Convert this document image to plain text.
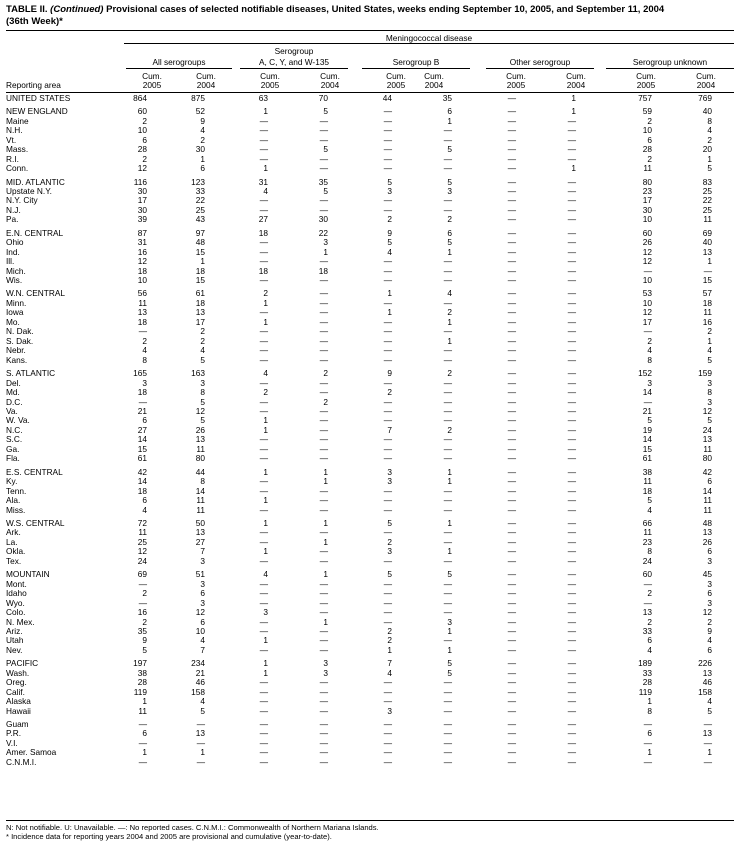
TABLE II. (Continued) Provisional cases of selected notifiable diseases, United States, weeks ending September 10, 2005, and September 11, 2004
(36th Week)*
Meningococcal disease
All serogroups
Serogroup
A, C, Y, and W-135	Serogroup B	Other serogroup	Serogroup unknown
Reporting area
Cum.
2005
Cum.
2004
Cum.
2005
Cum.
2004
Cum.
2005
Cum.
2004
Cum.
2005
Cum.
2004
Cum.
2005
Cum.
2004
UNITED STATES	864	875	63	70	44	35	—	1	757	769
NEW ENGLAND	60	52	1	5	—	6	—	1	59	40
Maine	2	9	—	—	—	1	—	—	2	8
N.H.	10	4	—	—	—	—	—	—	10	4
Vt.	6	2	—	—	—	—	—	—	6	2
Mass.	28	30	—	5	—	5	—	—	28	20
R.I.	2	1	—	—	—	—	—	—	2	1
Conn.	12	6	1	—	—	—	—	1	11	5
MID. ATLANTIC	116	123	31	35	5	5	—	—	80	83
Upstate N.Y.	30	33	4	5	3	3	—	—	23	25
N.Y. City	17	22	—	—	—	—	—	—	17	22
N.J.	30	25	—	—	—	—	—	—	30	25
Pa.	39	43	27	30	2	2	—	—	10	11
E.N. CENTRAL	87	97	18	22	9	6	—	—	60	69
Ohio	31	48	—	3	5	5	—	—	26	40
Ind.	16	15	—	1	4	1	—	—	12	13
Ill.	12	1	—	—	—	—	—	—	12	1
Mich.	18	18	18	18	—	—	—	—	—	—
Wis.	10	15	—	—	—	—	—	—	10	15
W.N. CENTRAL	56	61	2	—	1	4	—	—	53	57
Minn.	11	18	1	—	—	—	—	—	10	18
Iowa	13	13	—	—	1	2	—	—	12	11
Mo.	18	17	1	—	—	1	—	—	17	16
N. Dak.	—	2	—	—	—	—	—	—	—	2
S. Dak.	2	2	—	—	—	1	—	—	2	1
Nebr.	4	4	—	—	—	—	—	—	4	4
Kans.	8	5	—	—	—	—	—	—	8	5
S. ATLANTIC	165	163	4	2	9	2	—	—	152	159
Del.	3	3	—	—	—	—	—	—	3	3
Md.	18	8	2	—	2	—	—	—	14	8
D.C.	—	5	—	2	—	—	—	—	—	3
Va.	21	12	—	—	—	—	—	—	21	12
W. Va.	6	5	1	—	—	—	—	—	5	5
N.C.	27	26	1	—	7	2	—	—	19	24
S.C.	14	13	—	—	—	—	—	—	14	13
Ga.	15	11	—	—	—	—	—	—	15	11
Fla.	61	80	—	—	—	—	—	—	61	80
E.S. CENTRAL	42	44	1	1	3	1	—	—	38	42
Ky.	14	8	—	1	3	1	—	—	11	6
Tenn.	18	14	—	—	—	—	—	—	18	14
Ala.	6	11	1	—	—	—	—	—	5	11
Miss.	4	11	—	—	—	—	—	—	4	11
W.S. CENTRAL	72	50	1	1	5	1	—	—	66	48
Ark.	11	13	—	—	—	—	—	—	11	13
La.	25	27	—	1	2	—	—	—	23	26
Okla.	12	7	1	—	3	1	—	—	8	6
Tex.	24	3	—	—	—	—	—	—	24	3
MOUNTAIN	69	51	4	1	5	5	—	—	60	45
Mont.	—	3	—	—	—	—	—	—	—	3
Idaho	2	6	—	—	—	—	—	—	2	6
Wyo.	—	3	—	—	—	—	—	—	—	3
Colo.	16	12	3	—	—	—	—	—	13	12
N. Mex.	2	6	—	1	—	3	—	—	2	2
Ariz.	35	10	—	—	2	1	—	—	33	9
Utah	9	4	1	—	2	—	—	—	6	4
Nev.	5	7	—	—	1	1	—	—	4	6
PACIFIC	197	234	1	3	7	5	—	—	189	226
Wash.	38	21	1	3	4	5	—	—	33	13
Oreg.	28	46	—	—	—	—	—	—	28	46
Calif.	119	158	—	—	—	—	—	—	119	158
Alaska	1	4	—	—	—	—	—	—	1	4
Hawaii	11	5	—	—	3	—	—	—	8	5
Guam	—	—	—	—	—	—	—	—	—	—
P.R.	6	13	—	—	—	—	—	—	6	13
V.I.	—	—	—	—	—	—	—	—	—	—
Amer. Samoa	1	1	—	—	—	—	—	—	1	1
C.N.M.I.	—	—	—	—	—	—	—	—	—	—
N: Not notifiable. U: Unavailable. —: No reported cases. C.N.M.I.: Commonwealth of Northern Mariana Islands.
* Incidence data for reporting years 2004 and 2005 are provisional and cumulative (year-to-date).
